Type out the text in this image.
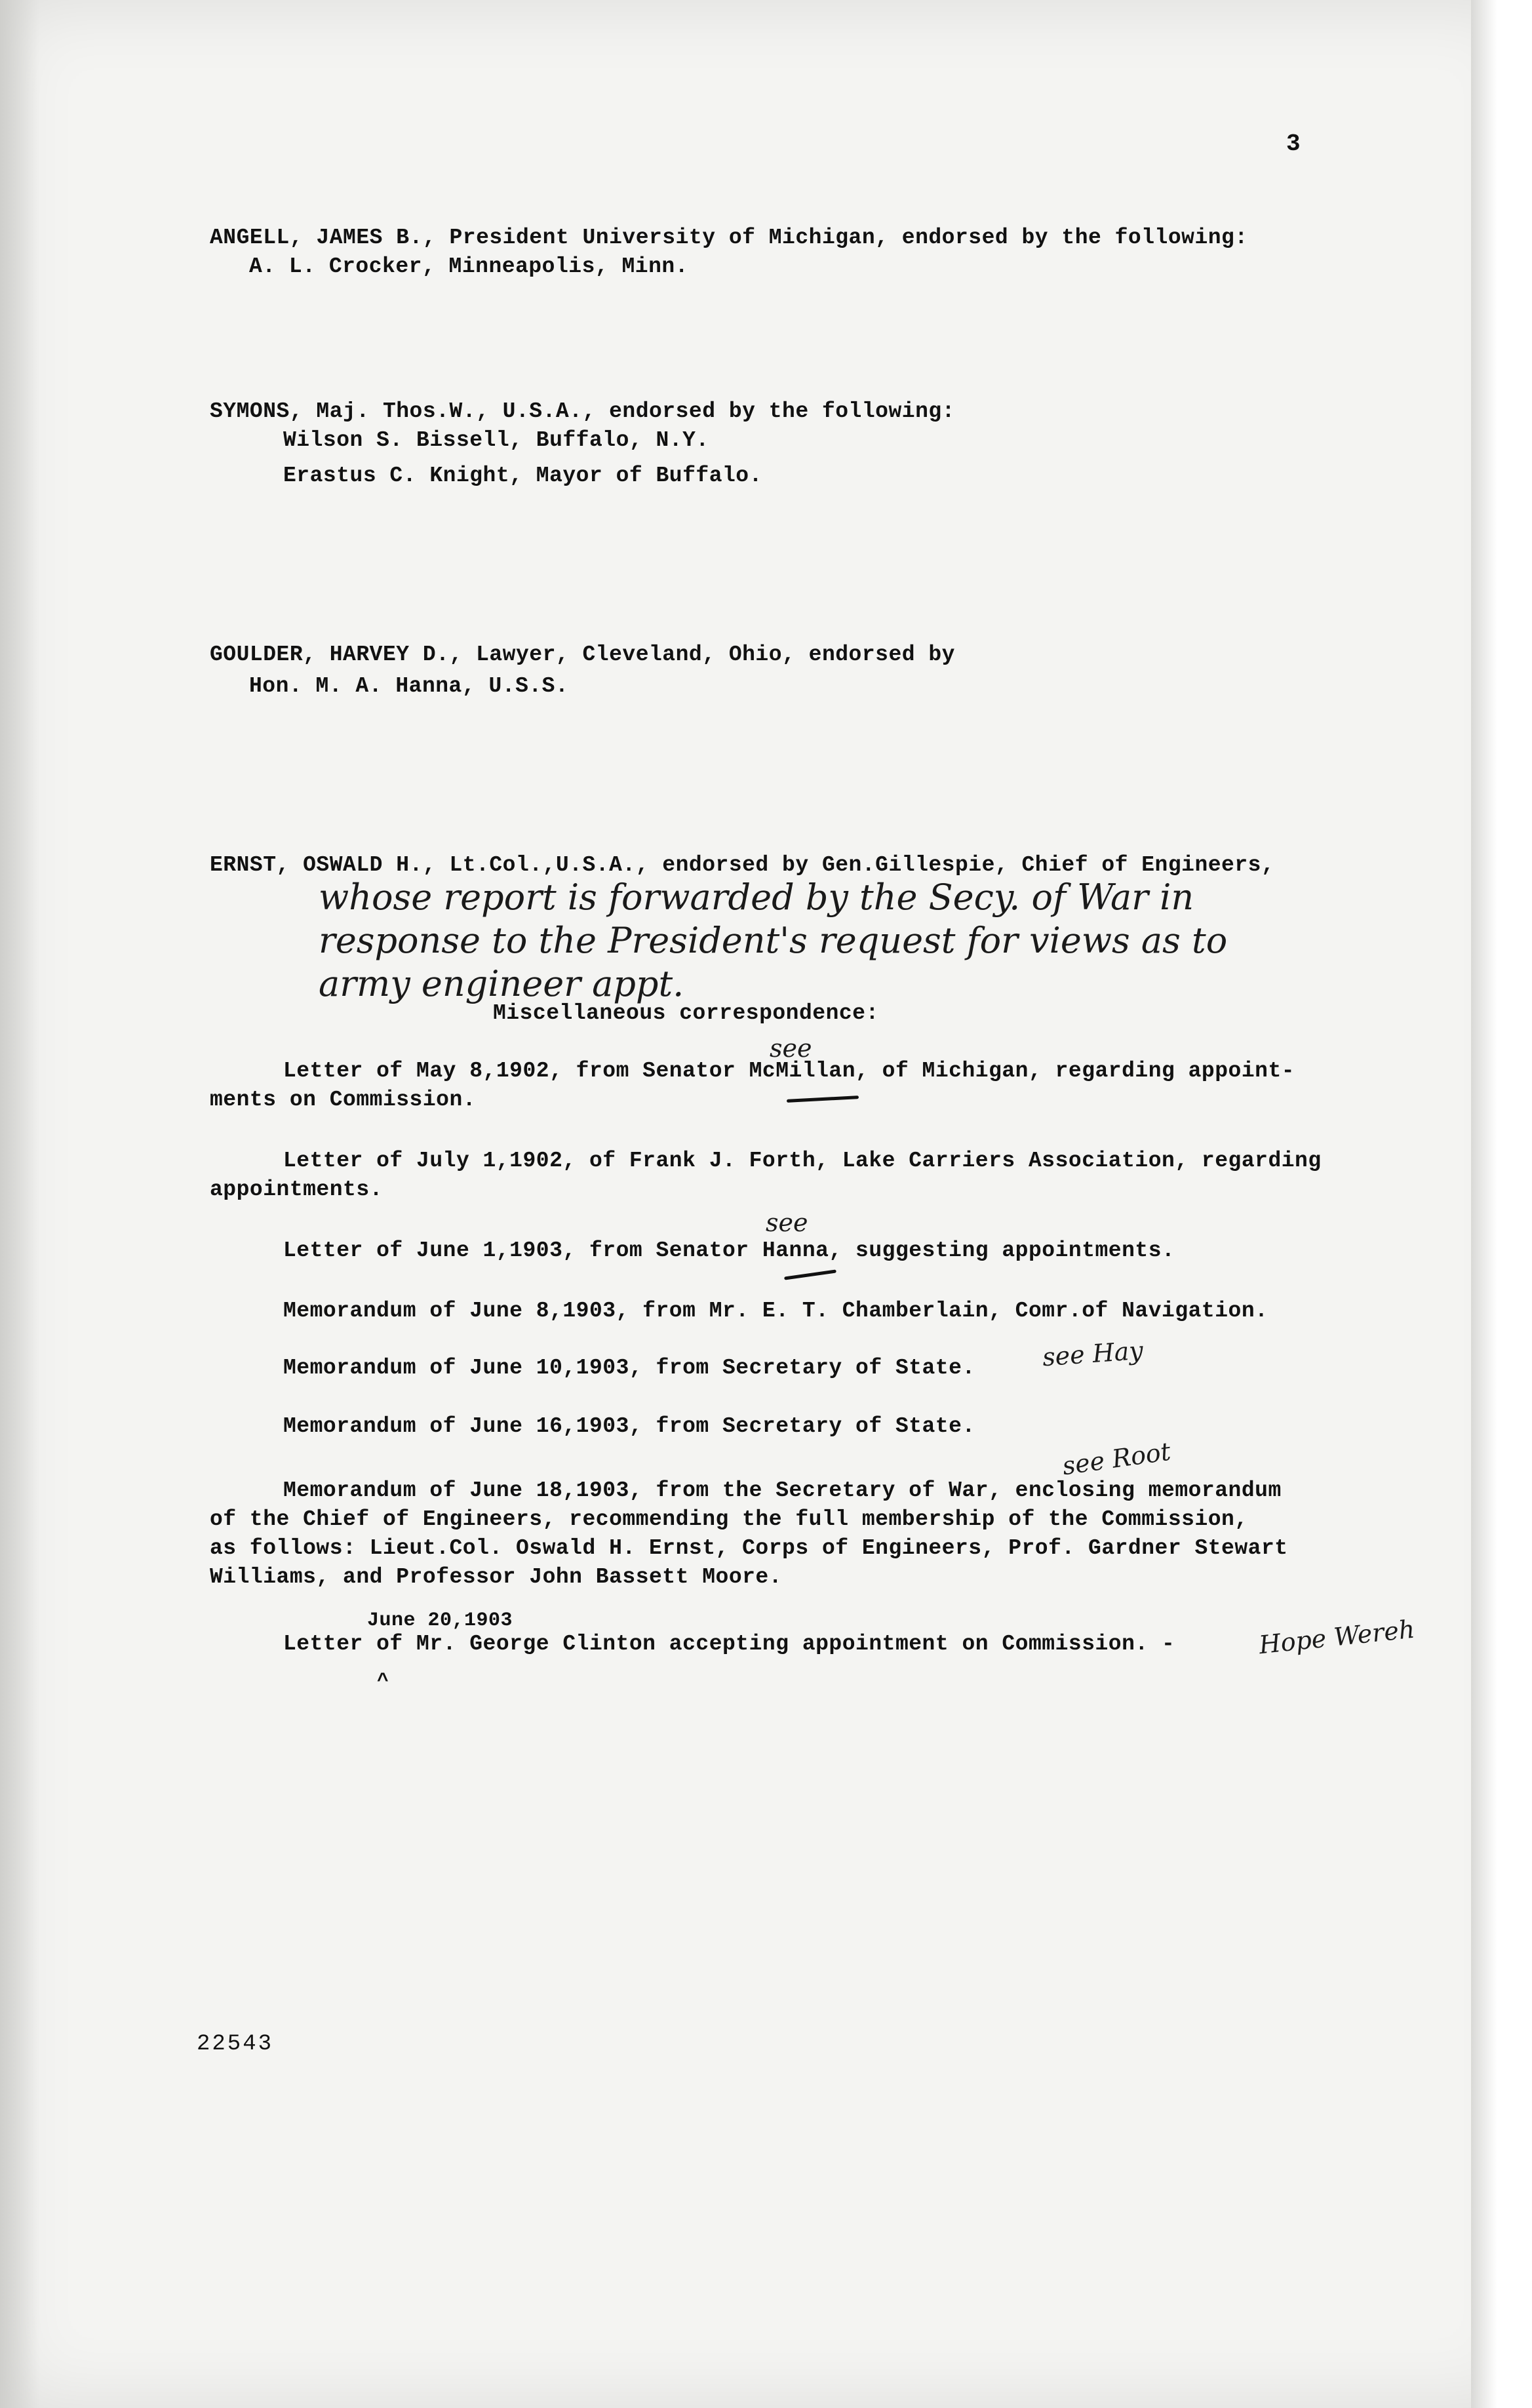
3
ANGELL, JAMES B., President University of Michigan, endorsed by the following:
A. L. Crocker, Minneapolis, Minn.
SYMONS, Maj. Thos.W., U.S.A., endorsed by the following:
Wilson S. Bissell, Buffalo, N.Y.
Erastus C. Knight, Mayor of Buffalo.
GOULDER, HARVEY D., Lawyer, Cleveland, Ohio, endorsed by
Hon. M. A. Hanna, U.S.S.
ERNST, OSWALD H., Lt.Col.,U.S.A., endorsed by Gen.Gillespie, Chief of Engineers,
whose report is forwarded by the Secy. of War in
response to the President's request for views as to
army engineer appt.
Miscellaneous correspondence:
see
Letter of May 8,1902, from Senator McMillan, of Michigan, regarding appoint-
ments on Commission.
Letter of July 1,1902, of Frank J. Forth, Lake Carriers Association, regarding
appointments.
see
Letter of June 1,1903, from Senator Hanna, suggesting appointments.
Memorandum of June 8,1903, from Mr. E. T. Chamberlain, Comr.of Navigation.
Memorandum of June 10,1903, from Secretary of State.	see Hay
Memorandum of June 16,1903, from Secretary of State.
see Root
Memorandum of June 18,1903, from the Secretary of War, enclosing memorandum
of the Chief of Engineers, recommending the full membership of the Commission,
as follows: Lieut.Col. Oswald H. Ernst, Corps of Engineers, Prof. Gardner Stewart
Williams, and Professor John Bassett Moore.
June 20,1903
^
Letter of Mr. George Clinton accepting appointment on Commission. -	Hope Wereh
22543
